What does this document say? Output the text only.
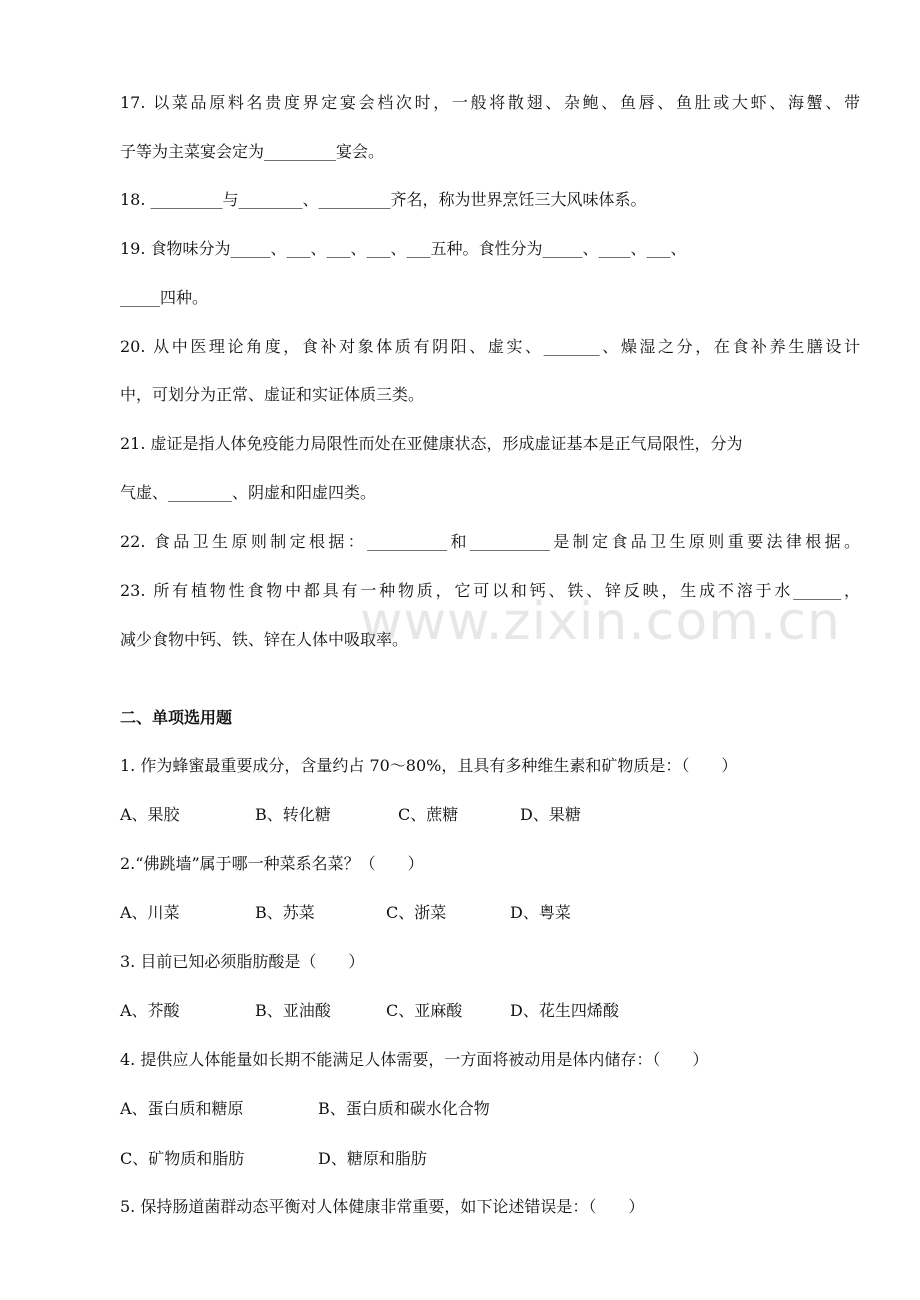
17. 以菜品原料名贵度界定宴会档次时，一般将散翅、杂鲍、鱼唇、鱼肚或大虾、海蟹、带
子等为主菜宴会定为_________宴会。
18. _________与________、_________齐名，称为世界烹饪三大风味体系。
19. 食物味分为_____、___、___、___、___五种。食性分为_____、____、___、
_____四种。
20. 从中医理论角度，食补对象体质有阴阳、虚实、_______、燥湿之分，在食补养生膳设计
中，可划分为正常、虚证和实证体质三类。
21. 虚证是指人体免疫能力局限性而处在亚健康状态，形成虚证基本是正气局限性，分为
气虚、________、阴虚和阳虚四类。
22. 食品卫生原则制定根据：__________和__________是制定食品卫生原则重要法律根据。
23. 所有植物性食物中都具有一种物质，它可以和钙、铁、锌反映，生成不溶于水______，
减少食物中钙、铁、锌在人体中吸取率。
二、单项选用题
1. 作为蜂蜜最重要成分，含量约占 70～80%，且具有多种维生素和矿物质是：（　　）
A、果胶	B、转化糖	C、蔗糖	D、果糖
2.“佛跳墙”属于哪一种菜系名菜？（　　）
A、川菜	B、苏菜	C、浙菜	D、粤菜
3. 目前已知必须脂肪酸是（　　）
A、芥酸	B、亚油酸	C、亚麻酸	D、花生四烯酸
4. 提供应人体能量如长期不能满足人体需要，一方面将被动用是体内储存：（　　）
A、蛋白质和糖原	B、蛋白质和碳水化合物
C、矿物质和脂肪	D、糖原和脂肪
5. 保持肠道菌群动态平衡对人体健康非常重要，如下论述错误是：（　　）
www.zixin.com.cn
